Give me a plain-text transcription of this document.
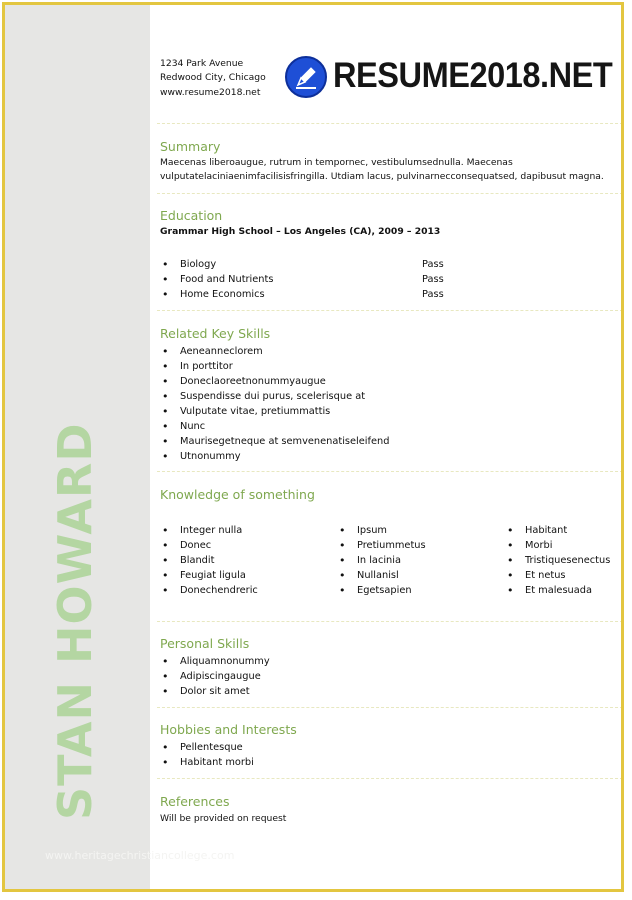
STAN HOWARD
www.heritagechristiancollege.com
1234 Park Avenue
Redwood City, Chicago
www.resume2018.net RESUME2018.NET
Summary
Maecenas liberoaugue, rutrum in tempornec, vestibulumsednulla. Maecenas
vulputatelaciniaenimfacilisisfringilla. Utdiam lacus, pulvinarnecconsequatsed, dapibusut magna.
Education
Grammar High School – Los Angeles (CA), 2009 – 2013
• Biology
• Food and Nutrients
• Home Economics
Pass
Pass
Pass
Related Key Skills
• Aeneanneclorem
• In porttitor
• Doneclaoreetnonummyaugue
• Suspendisse dui purus, scelerisque at
• Vulputate vitae, pretiummattis
• Nunc
• Maurisegetneque at semvenenatiseleifend
• Utnonummy
Knowledge of something
• Integer nulla
• Donec
• Blandit
• Feugiat ligula
• Donechendreric
• Ipsum
• Pretiummetus
• In lacinia
• Nullanisl
• Egetsapien
• Habitant
• Morbi
• Tristiquesenectus
• Et netus
• Et malesuada
Personal Skills
• Aliquamnonummy
• Adipiscingaugue
• Dolor sit amet
Hobbies and Interests
• Pellentesque
• Habitant morbi
References
Will be provided on request
